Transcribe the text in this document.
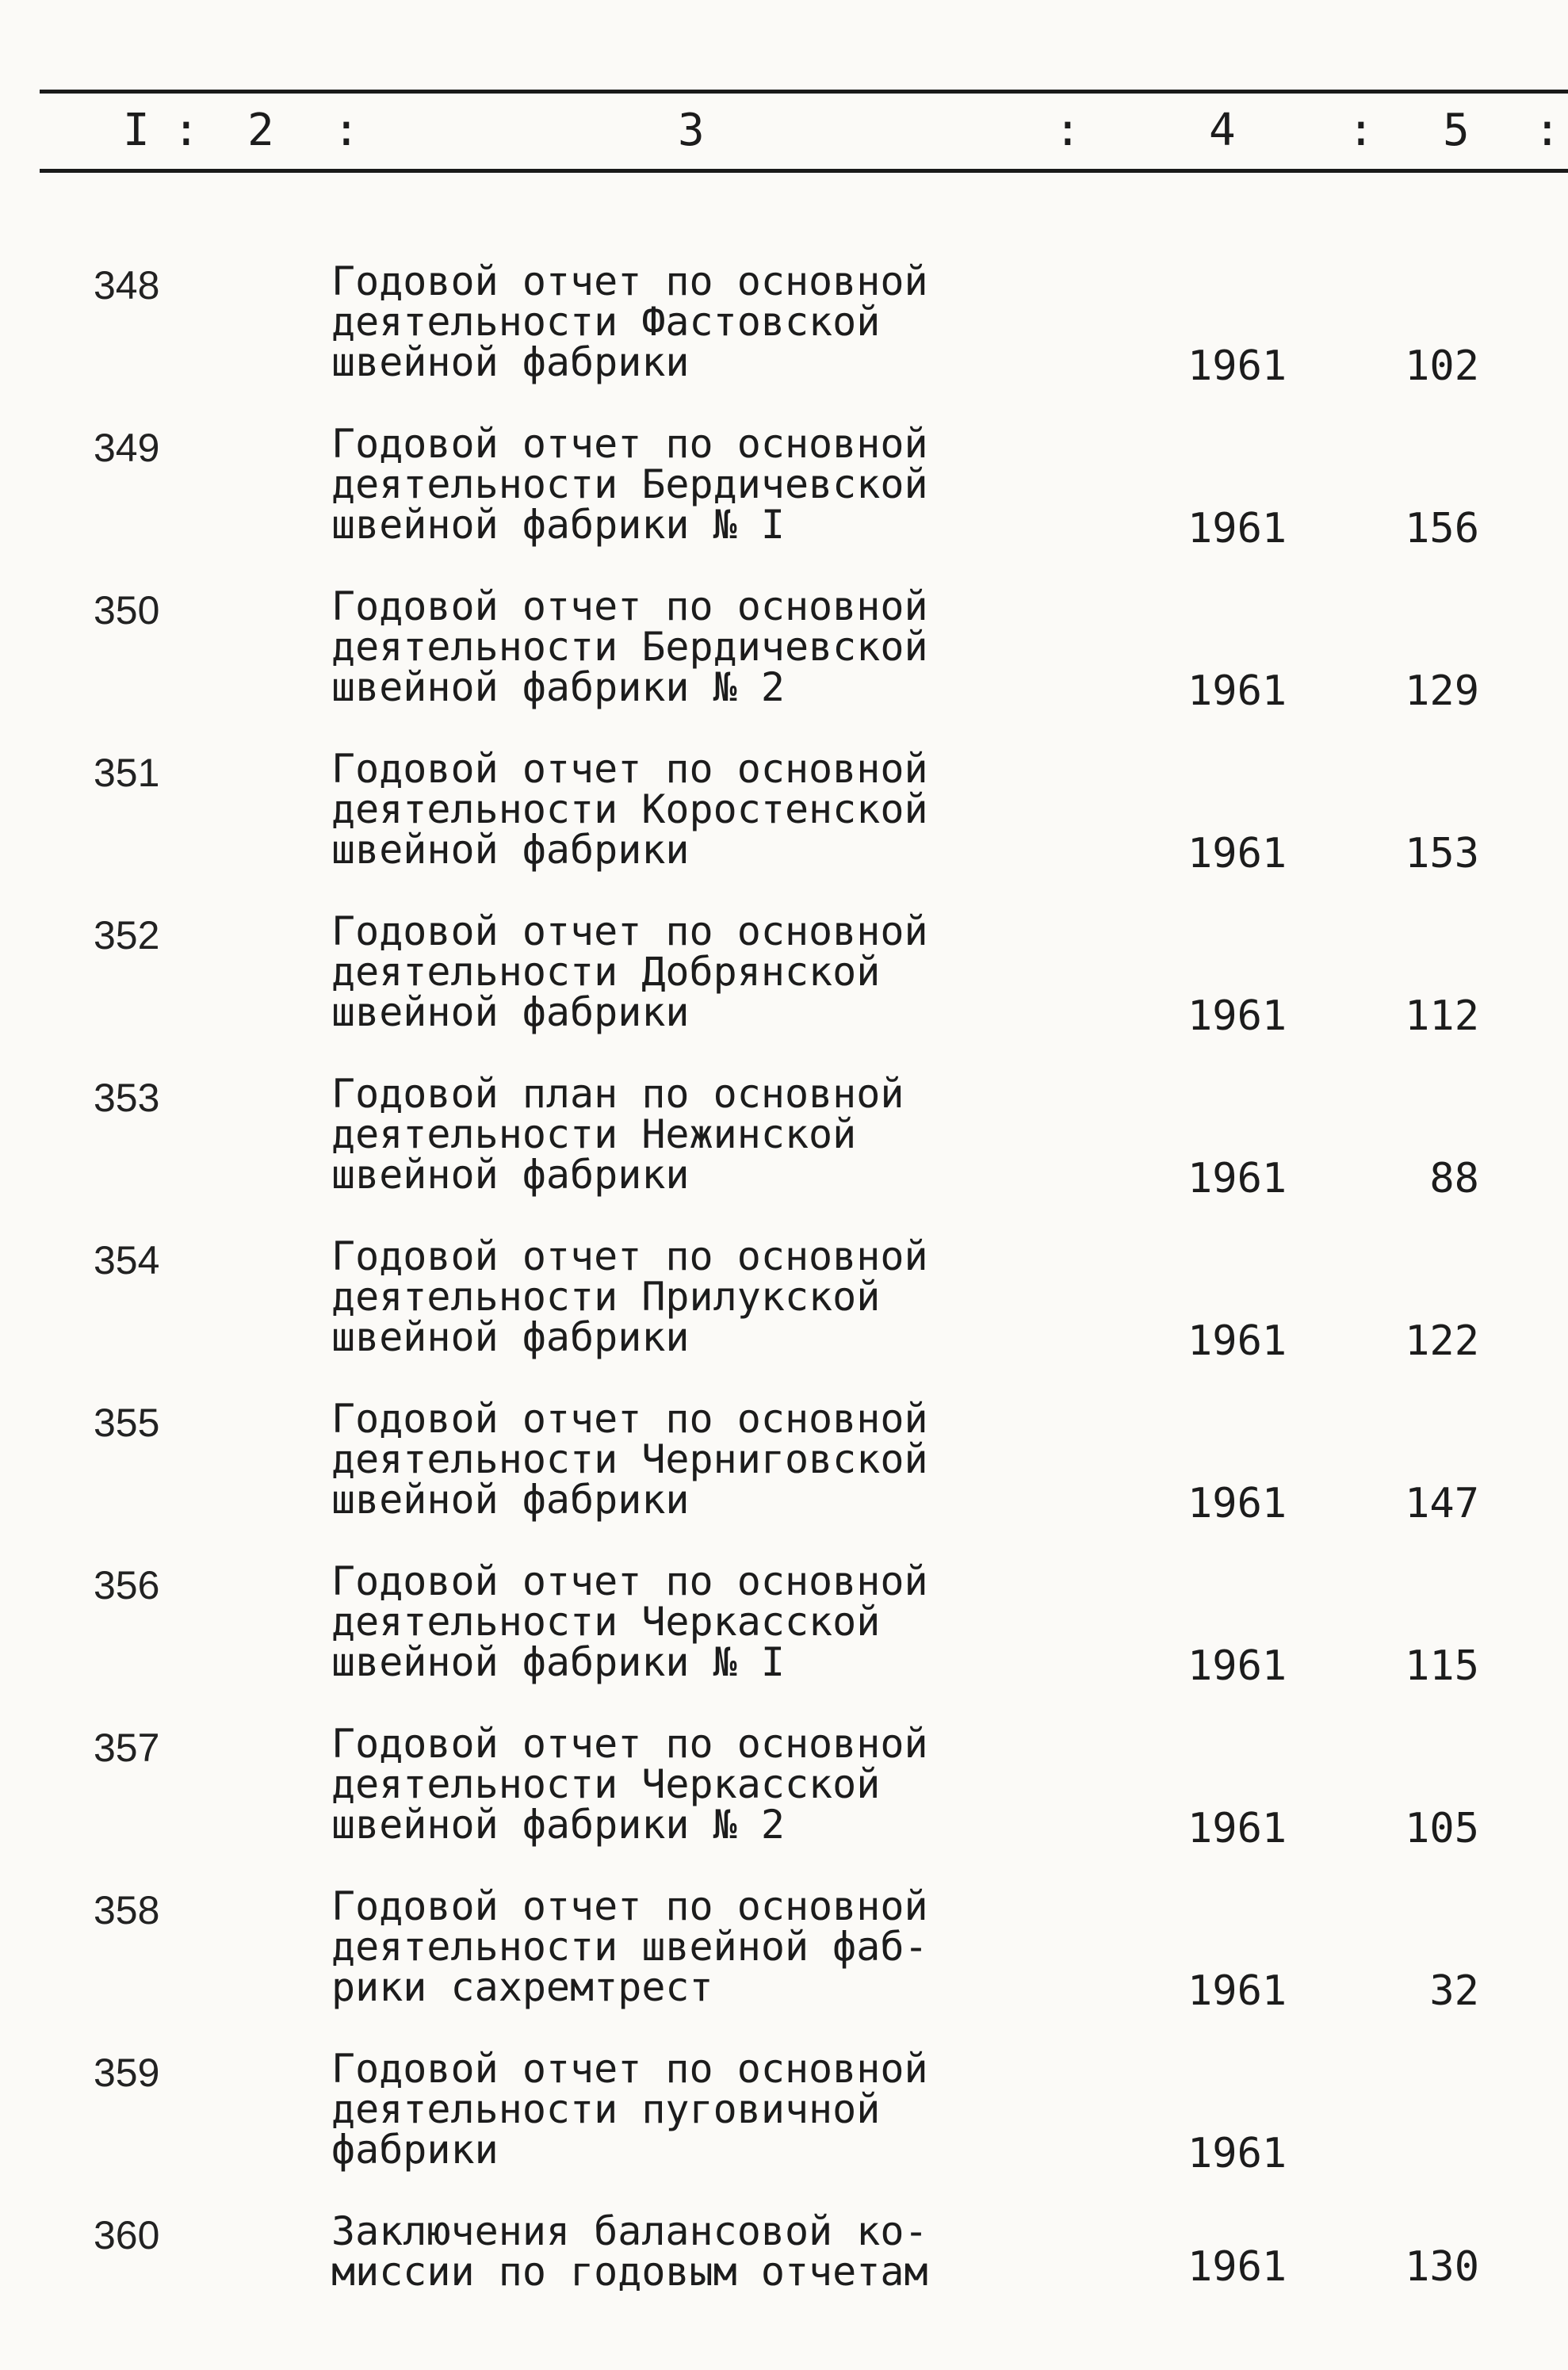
I : 2 :	3	:	4	: 5 :
348	Годовой отчет по основной
деятельности Фастовской
швейной фабрики	1961	102
349	Годовой отчет по основной
деятельности Бердичевской
швейной фабрики № I	1961	156
350	Годовой отчет по основной
деятельности Бердичевской
швейной фабрики № 2	1961	129
351	Годовой отчет по основной
деятельности Коростенской
швейной фабрики	1961	153
352	Годовой отчет по основной
деятельности Добрянской
швейной фабрики	1961	112
353	Годовой план по основной
деятельности Нежинской
швейной фабрики	1961	88
354	Годовой отчет по основной
деятельности Прилукской
швейной фабрики	1961	122
355	Годовой отчет по основной
деятельности Черниговской
швейной фабрики	1961	147
356	Годовой отчет по основной
деятельности Черкасской
швейной фабрики № I	1961	115
357	Годовой отчет по основной
деятельности Черкасской
швейной фабрики № 2	1961	105
358	Годовой отчет по основной
деятельности швейной фаб-
рики сахремтрест	1961	32
359	Годовой отчет по основной
деятельности пуговичной
фабрики	1961
360	Заключения балансовой ко-
миссии по годовым отчетам	1961	130
